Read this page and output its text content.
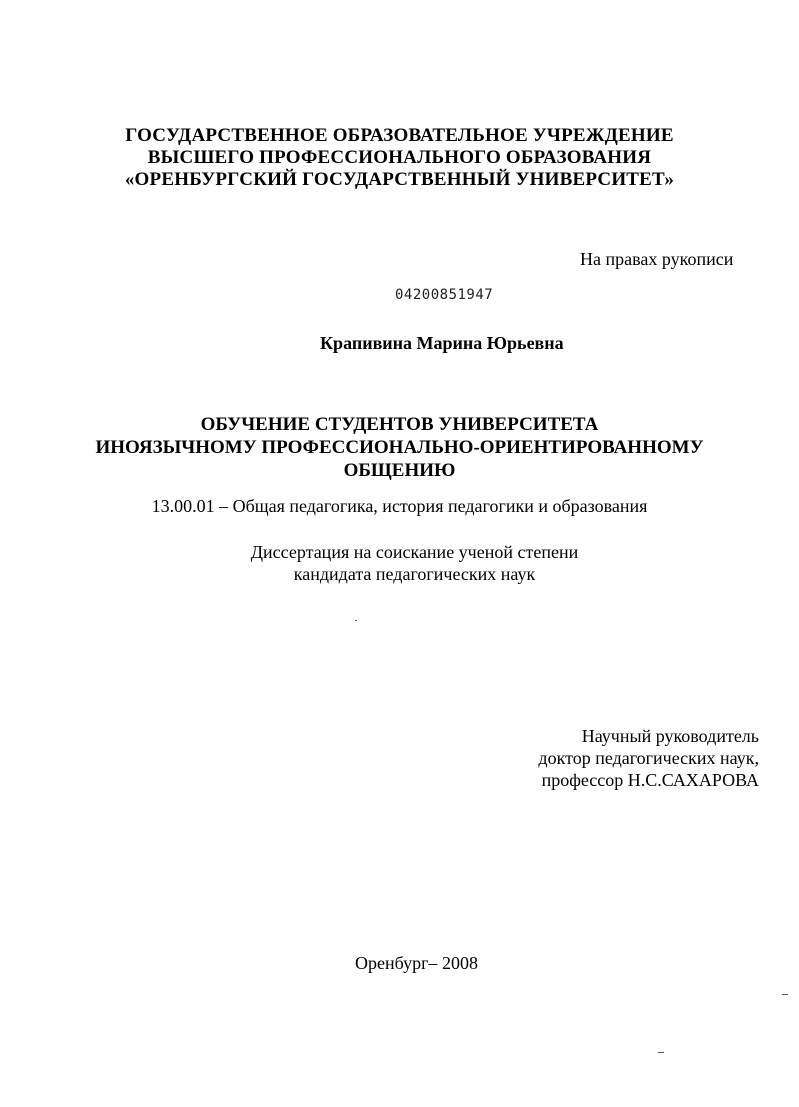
ГОСУДАРСТВЕННОЕ ОБРАЗОВАТЕЛЬНОЕ УЧРЕЖДЕНИЕ
ВЫСШЕГО ПРОФЕССИОНАЛЬНОГО ОБРАЗОВАНИЯ
«ОРЕНБУРГСКИЙ ГОСУДАРСТВЕННЫЙ УНИВЕРСИТЕТ»
На правах рукописи
04200851947
Крапивина Марина Юрьевна
ОБУЧЕНИЕ СТУДЕНТОВ УНИВЕРСИТЕТА
ИНОЯЗЫЧНОМУ ПРОФЕССИОНАЛЬНО-ОРИЕНТИРОВАННОМУ
ОБЩЕНИЮ
13.00.01 – Общая педагогика, история педагогики и образования
Диссертация на соискание ученой степени
кандидата педагогических наук
Научный руководитель
доктор педагогических наук,
профессор Н.С.САХАРОВА
Оренбург– 2008
